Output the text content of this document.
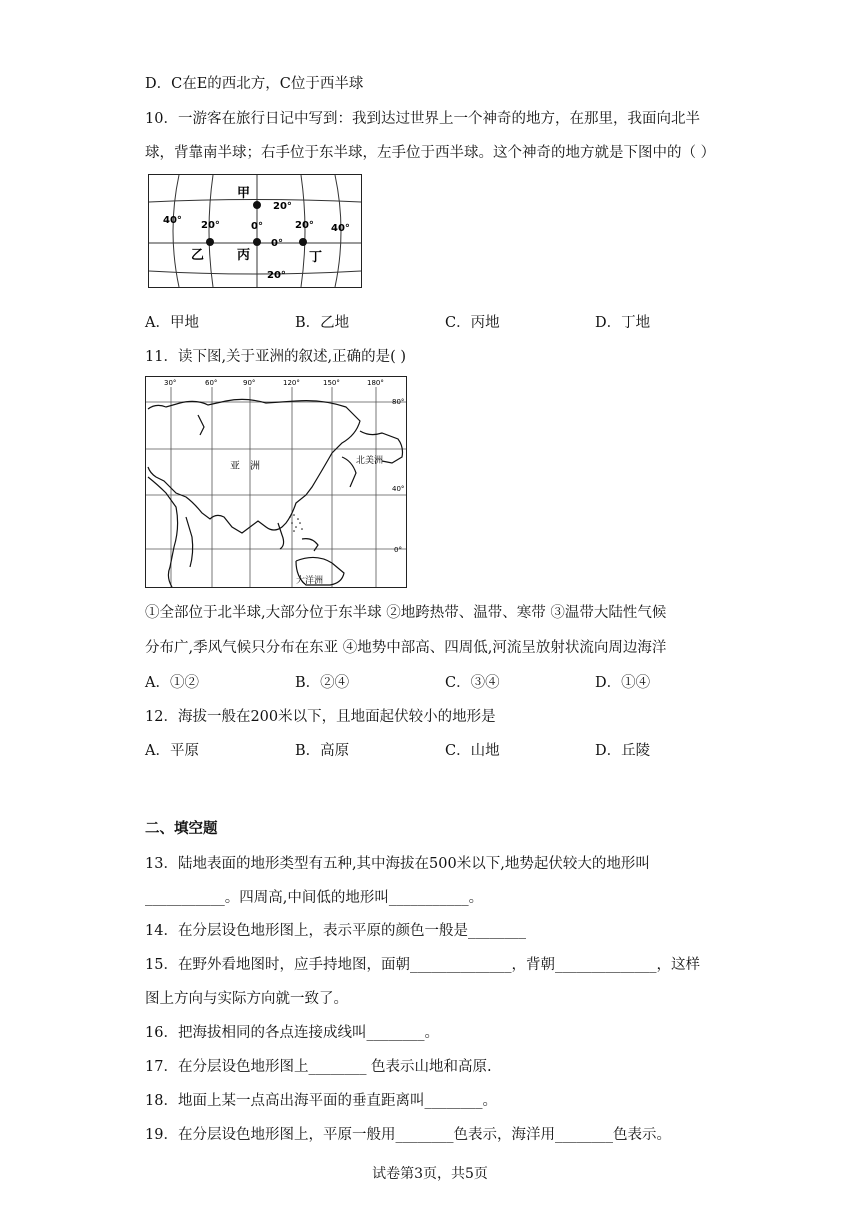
D．C在E的西北方，C位于西半球
10．一游客在旅行日记中写到：我到达过世界上一个神奇的地方，在那里，我面向北半
球，背靠南半球；右手位于东半球，左手位于西半球。这个神奇的地方就是下图中的（ ）
甲
乙	丙	丁
20°
20°
40° 20°	0°
0°
20° 40°
A．甲地	B．乙地	C．丙地	D．丁地
11．读下图,关于亚洲的叙述,正确的是( )
30°	60°	90°	120°	150°	180°
80°
40°
0°
亚　洲	北美洲
大洋洲
①全部位于北半球,大部分位于东半球 ②地跨热带、温带、寒带 ③温带大陆性气候
分布广,季风气候只分布在东亚 ④地势中部高、四周低,河流呈放射状流向周边海洋
A．①②	B．②④	C．③④	D．①④
12．海拔一般在200米以下，且地面起伏较小的地形是
A．平原	B．高原	C．山地	D．丘陵
二、填空题
13．陆地表面的地形类型有五种,其中海拔在500米以下,地势起伏较大的地形叫
___________。四周高,中间低的地形叫___________。
14．在分层设色地形图上，表示平原的颜色一般是________
15．在野外看地图时，应手持地图，面朝______________，背朝______________，这样
图上方向与实际方向就一致了。
16．把海拔相同的各点连接成线叫________。
17．在分层设色地形图上________ 色表示山地和高原.
18．地面上某一点高出海平面的垂直距离叫________。
19．在分层设色地形图上，平原一般用________色表示，海洋用________色表示。
试卷第3页，共5页
